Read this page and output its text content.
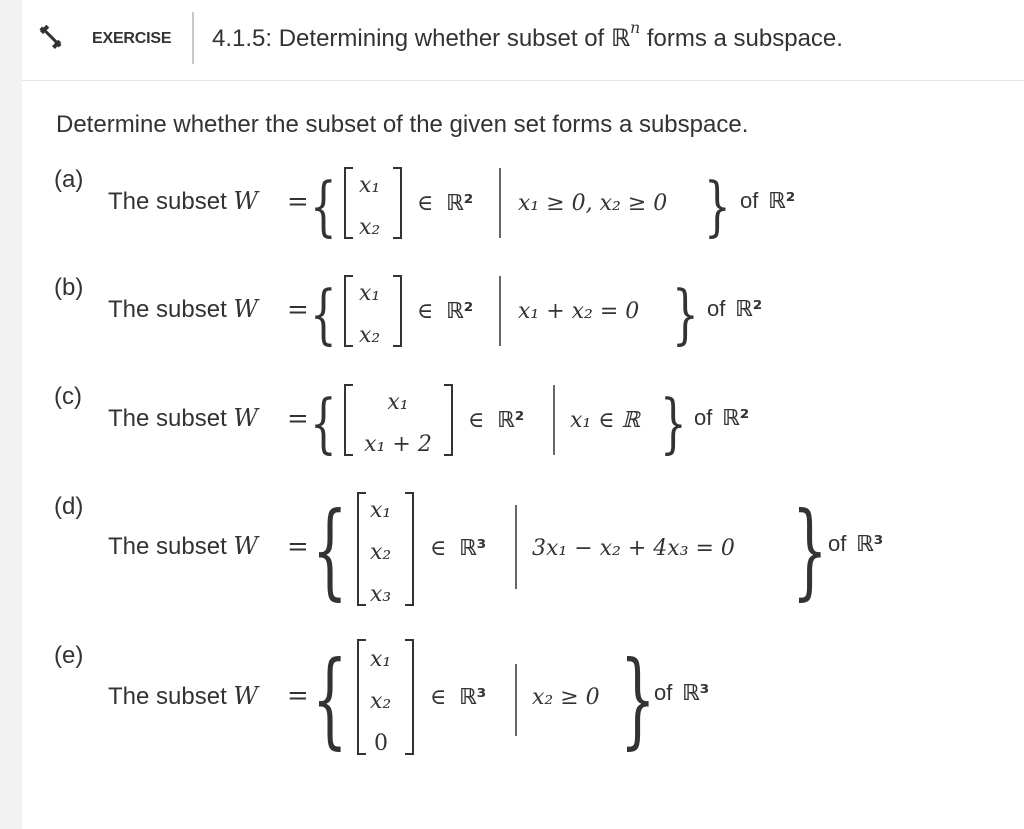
EXERCISE 4.1.5: Determining whether subset of ℝ$^n$ forms a subspace.
Determine whether the subset of the given set forms a subspace.
(a)
The subset W = { x₁
x₂
∈ ℝ² x₁ ≥ 0, x₂ ≥ 0 } of ℝ²
(b)
The subset W = { x₁
x₂
∈ ℝ² x₁ + x₂ = 0 } of ℝ²
(c)
The subset W = { x₁
x₁ + 2
∈ ℝ² x₁ ∈ ℝ } of ℝ²
(d)
The subset W = { x₁
x₂
x₃
∈ ℝ³ 3x₁ − x₂ + 4x₃ = 0 } of ℝ³
(e)
The subset W = { x₁
x₂
0
∈ ℝ³ x₂ ≥ 0 }
of ℝ³
